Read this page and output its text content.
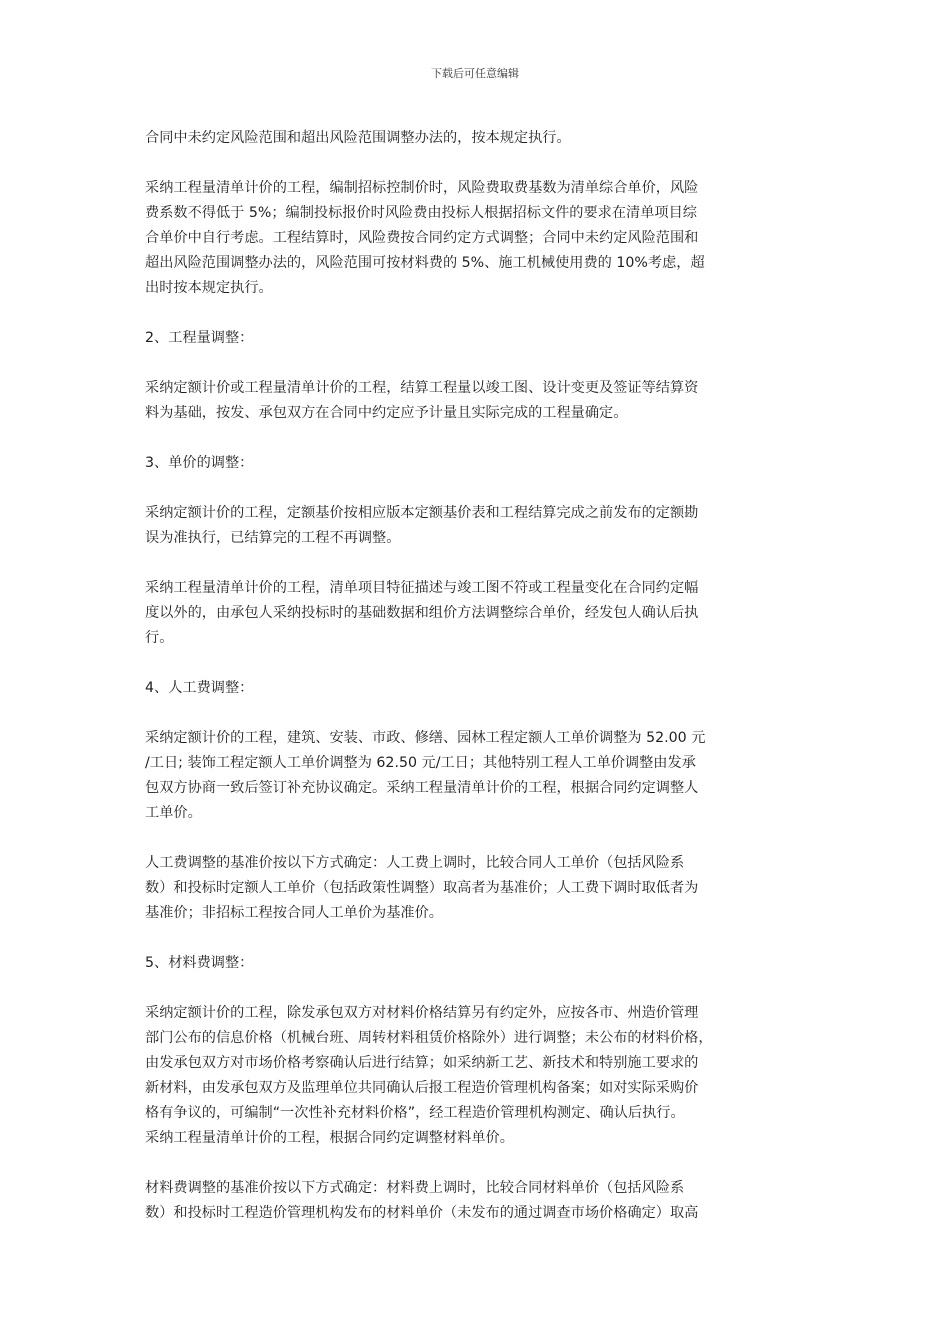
下载后可任意编辑

合同中未约定风险范围和超出风险范围调整办法的，按本规定执行。

采纳工程量清单计价的工程，编制招标控制价时，风险费取费基数为清单综合单价，风险
费系数不得低于 5%；编制投标报价时风险费由投标人根据招标文件的要求在清单项目综
合单价中自行考虑。工程结算时，风险费按合同约定方式调整；合同中未约定风险范围和
超出风险范围调整办法的，风险范围可按材料费的 5%、施工机械使用费的 10%考虑，超
出时按本规定执行。

2、工程量调整：

采纳定额计价或工程量清单计价的工程，结算工程量以竣工图、设计变更及签证等结算资
料为基础，按发、承包双方在合同中约定应予计量且实际完成的工程量确定。

3、单价的调整：

采纳定额计价的工程，定额基价按相应版本定额基价表和工程结算完成之前发布的定额勘
误为准执行，已结算完的工程不再调整。

采纳工程量清单计价的工程，清单项目特征描述与竣工图不符或工程量变化在合同约定幅
度以外的，由承包人采纳投标时的基础数据和组价方法调整综合单价，经发包人确认后执
行。

4、人工费调整：

采纳定额计价的工程，建筑、安装、市政、修缮、园林工程定额人工单价调整为 52.00 元
/工日; 装饰工程定额人工单价调整为 62.50 元/工日；其他特别工程人工单价调整由发承
包双方协商一致后签订补充协议确定。采纳工程量清单计价的工程，根据合同约定调整人
工单价。

人工费调整的基准价按以下方式确定：人工费上调时，比较合同人工单价（包括风险系
数）和投标时定额人工单价（包括政策性调整）取高者为基准价；人工费下调时取低者为
基准价；非招标工程按合同人工单价为基准价。

5、材料费调整：

采纳定额计价的工程，除发承包双方对材料价格结算另有约定外，应按各市、州造价管理
部门公布的信息价格（机械台班、周转材料租赁价格除外）进行调整；未公布的材料价格，
由发承包双方对市场价格考察确认后进行结算；如采纳新工艺、新技术和特别施工要求的
新材料，由发承包双方及监理单位共同确认后报工程造价管理机构备案；如对实际采购价
格有争议的，可编制“一次性补充材料价格”，经工程造价管理机构测定、确认后执行。
采纳工程量清单计价的工程，根据合同约定调整材料单价。

材料费调整的基准价按以下方式确定：材料费上调时，比较合同材料单价（包括风险系
数）和投标时工程造价管理机构发布的材料单价（未发布的通过调查市场价格确定）取高
